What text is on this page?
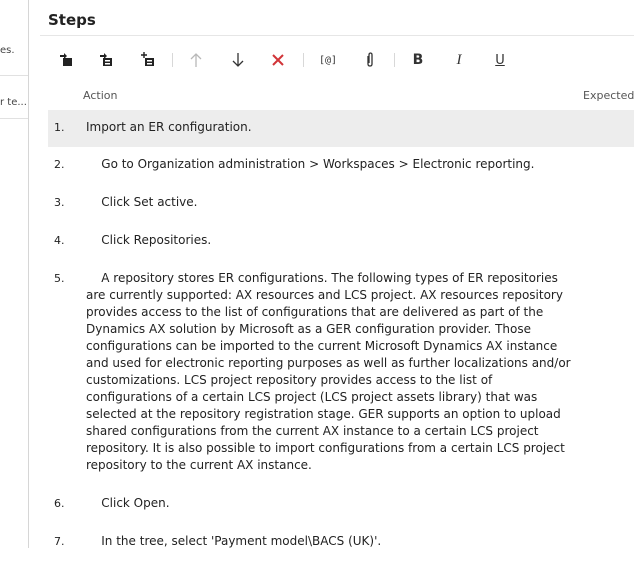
es.
r te...
Steps
[@]	B	I	U
Action	Expected
1.	Import an ER configuration.
2.	Go to Organization administration > Workspaces > Electronic reporting.
3.	Click Set active.
4.	Click Repositories.
5.	A repository stores ER configurations. The following types of ER repositories are currently supported: AX resources and LCS project. AX resources repository provides access to the list of configurations that are delivered as part of the Dynamics AX solution by Microsoft as a GER configuration provider. Those configurations can be imported to the current Microsoft Dynamics AX instance and used for electronic reporting purposes as well as further localizations and/or customizations. LCS project repository provides access to the list of configurations of a certain LCS project (LCS project assets library) that was selected at the repository registration stage. GER supports an option to upload shared configurations from the current AX instance to a certain LCS project repository. It is also possible to import configurations from a certain LCS project repository to the current AX instance.
6.	Click Open.
7.	In the tree, select 'Payment model\BACS (UK)'.
